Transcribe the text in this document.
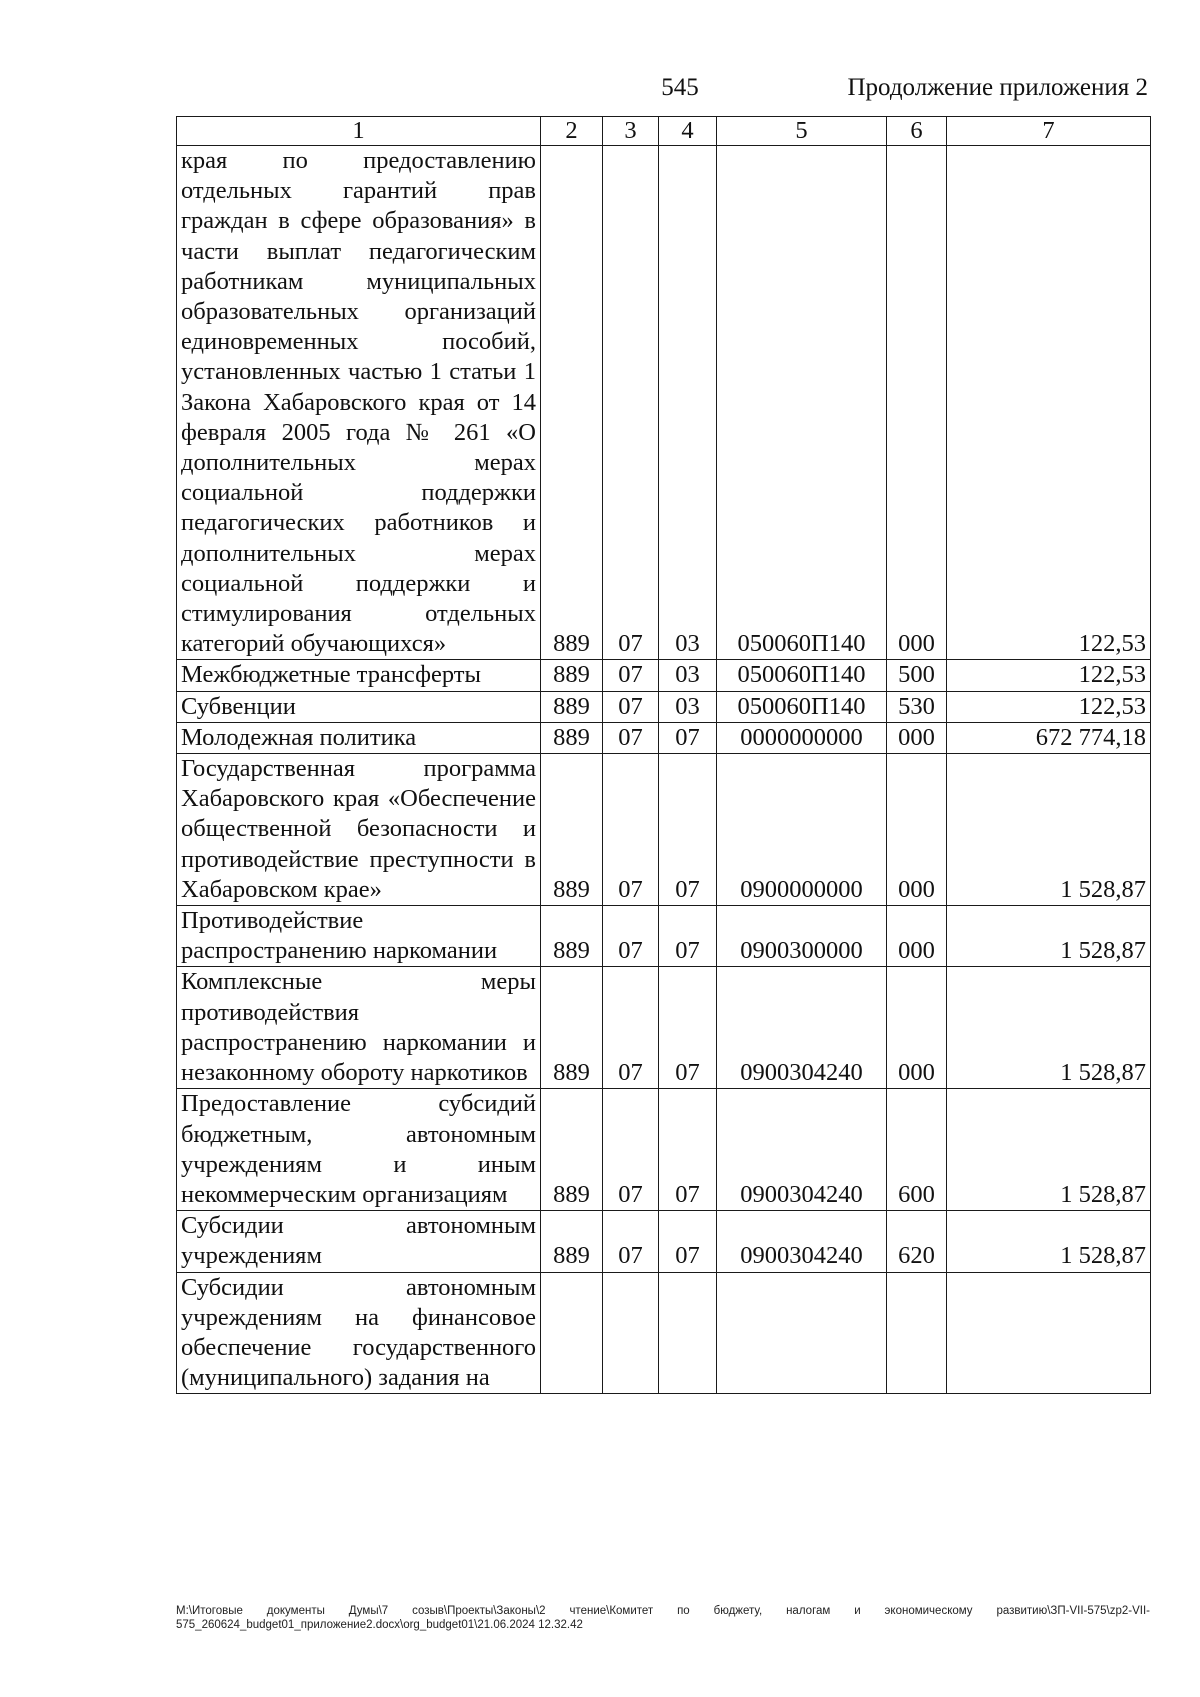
545	Продолжение приложения 2
1	2	3	4	5	6	7
края по предоставлению отдельных гарантий прав граждан в сфере образования» в части выплат педагогическим работникам муниципальных образовательных организаций единовременных пособий, установленных частью 1 статьи 1 Закона Хабаровского края от 14 февраля 2005 года № 261 «О дополнительных мерах социальной поддержки педагогических работников и дополнительных мерах социальной поддержки и стимулирования отдельных категорий обучающихся»	889	07	03	050060П140	000	122,53
Межбюджетные трансферты	889	07	03	050060П140	500	122,53
Субвенции	889	07	03	050060П140	530	122,53
Молодежная политика	889	07	07	0000000000	000	672 774,18
Государственная программа Хабаровского края «Обеспечение общественной безопасности и противодействие преступности в Хабаровском крае»	889	07	07	0900000000	000	1 528,87
Противодействие распространению наркомании	889	07	07	0900300000	000	1 528,87
Комплексные меры противодействия распространению наркомании и незаконному обороту наркотиков	889	07	07	0900304240	000	1 528,87
Предоставление субсидий бюджетным, автономным учреждениям и иным некоммерческим организациям	889	07	07	0900304240	600	1 528,87
Субсидии автономным учреждениям	889	07	07	0900304240	620	1 528,87
Субсидии автономным учреждениям на финансовое обеспечение государственного (муниципального) задания на						
М:\Итоговые документы Думы\7 созыв\Проекты\Законы\2 чтение\Комитет по бюджету, налогам и экономическому развитию\ЗП-VII-575\zp2-VII-575_260624_budget01_приложение2.docx\org_budget01\21.06.2024 12.32.42
